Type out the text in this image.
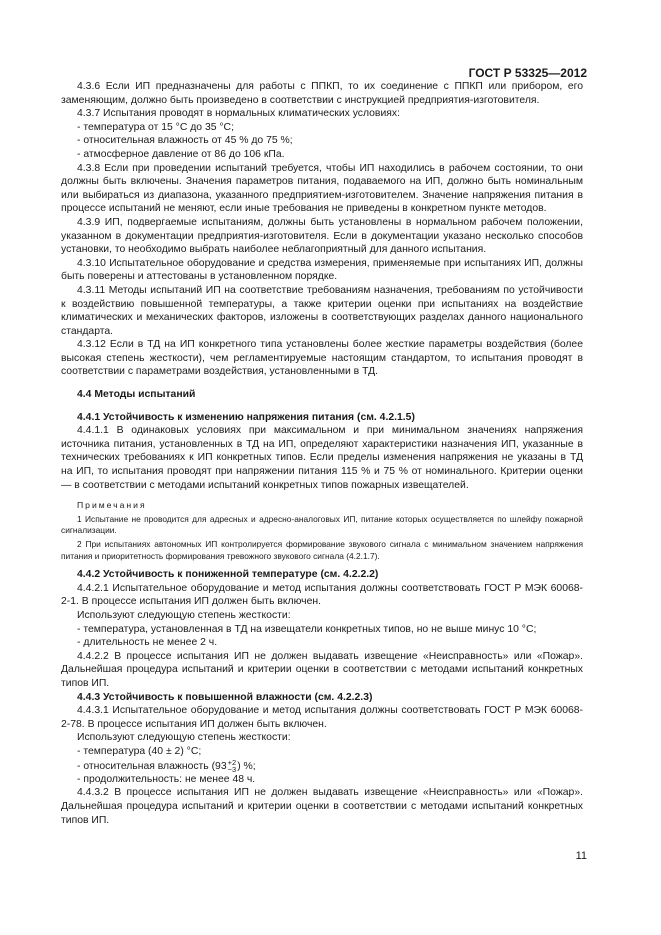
ГОСТ Р 53325—2012

4.3.6 Если ИП предназначены для работы с ППКП, то их соединение с ППКП или прибором, его заменяющим, должно быть произведено в соответствии с инструкцией предприятия-изготовителя.

4.3.7 Испытания проводят в нормальных климатических условиях:

- температура от 15 °С до 35 °С;

- относительная влажность от 45 % до 75 %;

- атмосферное давление от 86 до 106 кПа.

4.3.8 Если при проведении испытаний требуется, чтобы ИП находились в рабочем состоянии, то они должны быть включены. Значения параметров питания, подаваемого на ИП, должно быть номинальным или выбираться из диапазона, указанного предприятием-изготовителем. Значение напряжения питания в процессе испытаний не меняют, если иные требования не приведены в конкретном пункте методов.

4.3.9 ИП, подвергаемые испытаниям, должны быть установлены в нормальном рабочем положении, указанном в документации предприятия-изготовителя. Если в документации указано несколько способов установки, то необходимо выбрать наиболее неблагоприятный для данного испытания.

4.3.10 Испытательное оборудование и средства измерения, применяемые при испытаниях ИП, должны быть поверены и аттестованы в установленном порядке.

4.3.11 Методы испытаний ИП на соответствие требованиям назначения, требованиям по устойчивости к воздействию повышенной температуры, а также критерии оценки при испытаниях на воздействие климатических и механических факторов, изложены в соответствующих разделах данного национального стандарта.

4.3.12 Если в ТД на ИП конкретного типа установлены более жесткие параметры воздействия (более высокая степень жесткости), чем регламентируемые настоящим стандартом, то испытания проводят в соответствии с параметрами воздействия, установленными в ТД.

4.4 Методы испытаний

4.4.1 Устойчивость к изменению напряжения питания (см. 4.2.1.5)

4.4.1.1 В одинаковых условиях при максимальном и при минимальном значениях напряжения источника питания, установленных в ТД на ИП, определяют характеристики назначения ИП, указанные в технических требованиях к ИП конкретных типов. Если пределы изменения напряжения не указаны в ТД на ИП, то испытания проводят при напряжении питания 115 % и 75 % от номинального. Критерии оценки — в соответствии с методами испытаний конкретных типов пожарных извещателей.

Примечания

1 Испытание не проводится для адресных и адресно-аналоговых ИП, питание которых осуществляется по шлейфу пожарной сигнализации.

2 При испытаниях автономных ИП контролируется формирование звукового сигнала с минимальном значением напряжения питания и приоритетность формирования тревожного звукового сигнала (4.2.1.7).

4.4.2 Устойчивость к пониженной температуре (см. 4.2.2.2)

4.4.2.1 Испытательное оборудование и метод испытания должны соответствовать ГОСТ Р МЭК 60068-2-1. В процессе испытания ИП должен быть включен.

Используют следующую степень жесткости:

- температура, установленная в ТД на извещатели конкретных типов, но не выше минус 10 °С;

- длительность не менее 2 ч.

4.4.2.2 В процессе испытания ИП не должен выдавать извещение «Неисправность» или «Пожар». Дальнейшая процедура испытаний и критерии оценки в соответствии с методами испытаний конкретных типов ИП.

4.4.3 Устойчивость к повышенной влажности (см. 4.2.2.3)

4.4.3.1 Испытательное оборудование и метод испытания должны соответствовать ГОСТ Р МЭК 60068-2-78. В процессе испытания ИП должен быть включен.

Используют следующую степень жесткости:

- температура (40 ± 2) °С;

- относительная влажность (93 +2
−3 ) %;

- продолжительность: не менее 48 ч.

4.4.3.2 В процессе испытания ИП не должен выдавать извещение «Неисправность» или «Пожар». Дальнейшая процедура испытаний и критерии оценки в соответствии с методами испытаний конкретных типов ИП.

11
